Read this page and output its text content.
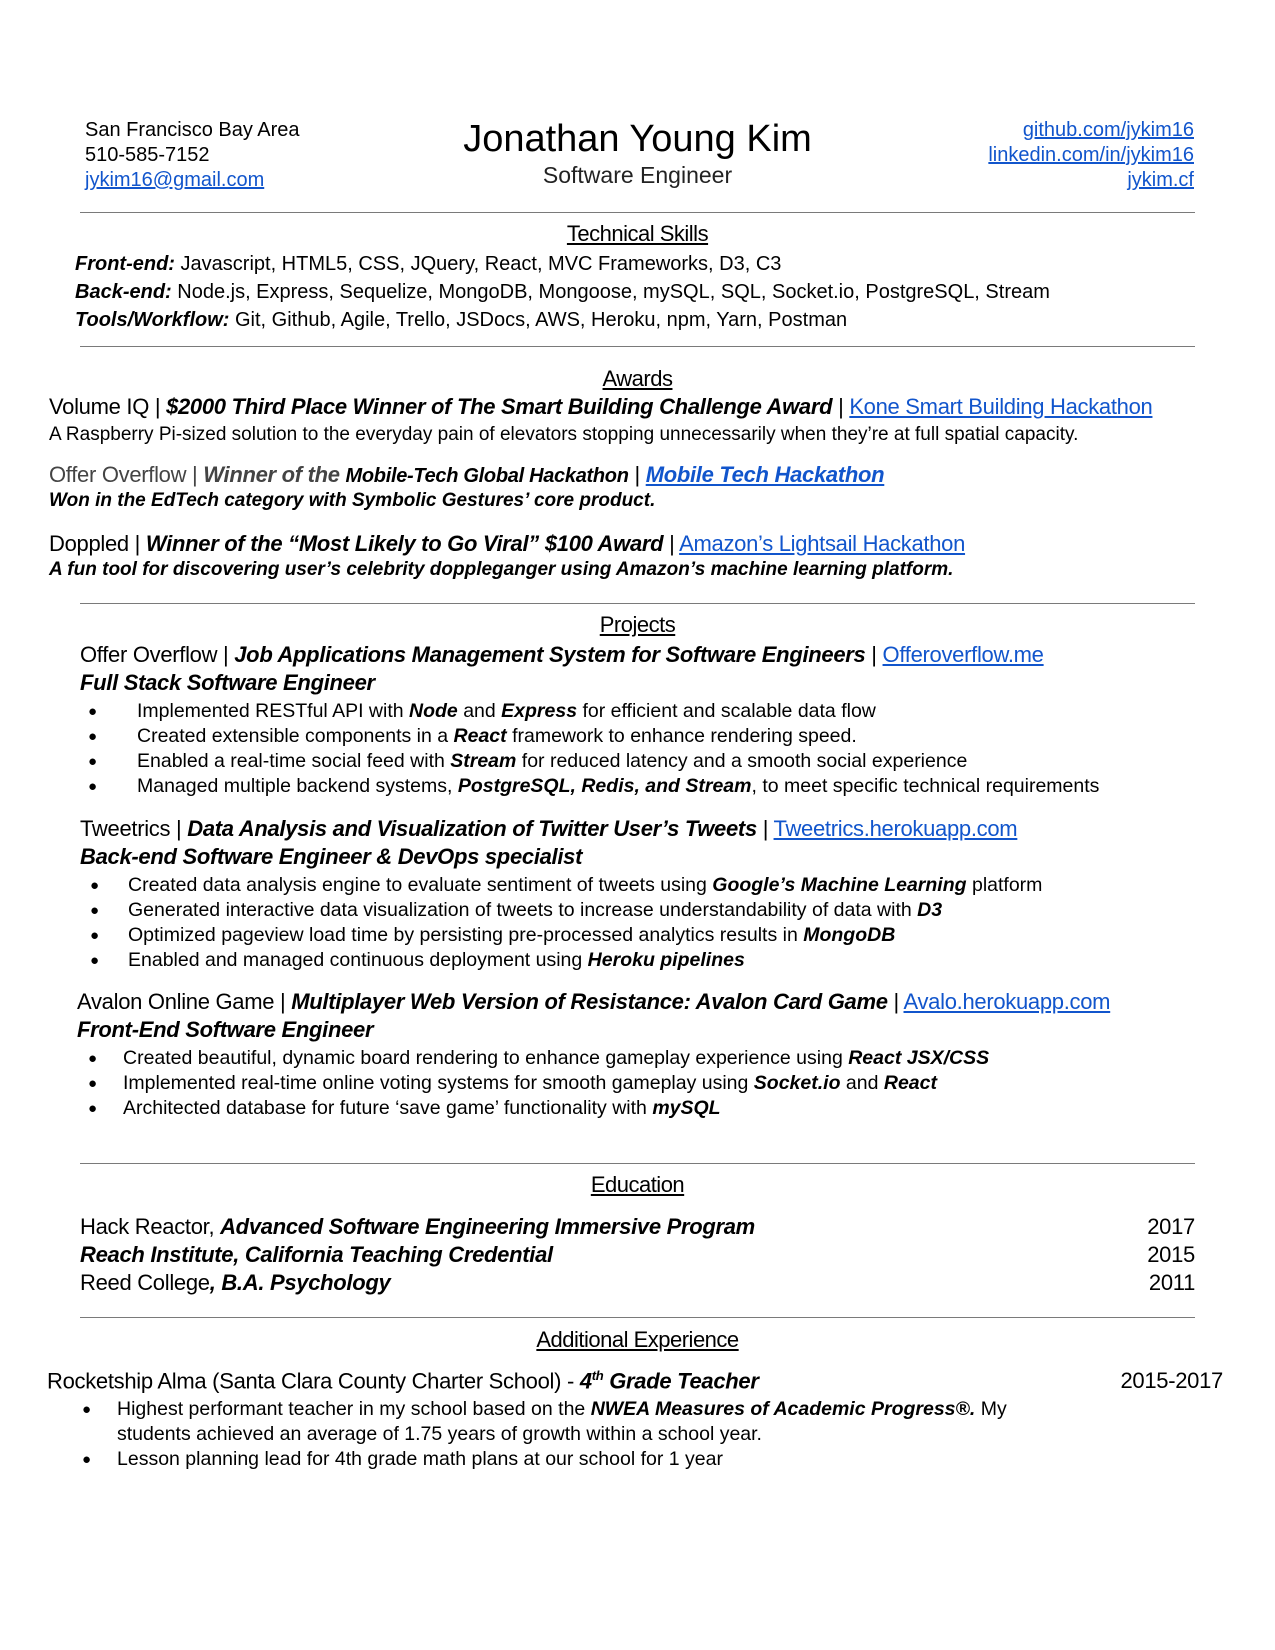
San Francisco Bay Area
510-585-7152
jykim16@gmail.com
Jonathan Young Kim
Software Engineer
github.com/jykim16
linkedin.com/in/jykim16
jykim.cf
Technical Skills
Front-end: Javascript, HTML5, CSS, JQuery, React, MVC Frameworks, D3, C3
Back-end: Node.js, Express, Sequelize, MongoDB, Mongoose, mySQL, SQL, Socket.io, PostgreSQL, Stream
Tools/Workflow: Git, Github, Agile, Trello, JSDocs, AWS, Heroku, npm, Yarn, Postman
Awards
Volume IQ | $2000 Third Place Winner of The Smart Building Challenge Award | Kone Smart Building Hackathon
A Raspberry Pi-sized solution to the everyday pain of elevators stopping unnecessarily when they’re at full spatial capacity.
Offer Overflow | Winner of the Mobile-Tech Global Hackathon | Mobile Tech Hackathon
Won in the EdTech category with Symbolic Gestures’ core product.
Doppled | Winner of the “Most Likely to Go Viral” $100 Award | Amazon’s Lightsail Hackathon
A fun tool for discovering user’s celebrity doppleganger using Amazon’s machine learning platform.
Projects
Offer Overflow | Job Applications Management System for Software Engineers | Offeroverflow.me
Full Stack Software Engineer
● Implemented RESTful API with Node and Express for efficient and scalable data flow
● Created extensible components in a React framework to enhance rendering speed.
● Enabled a real-time social feed with Stream for reduced latency and a smooth social experience
● Managed multiple backend systems, PostgreSQL, Redis, and Stream, to meet specific technical requirements
Tweetrics | Data Analysis and Visualization of Twitter User’s Tweets | Tweetrics.herokuapp.com
Back-end Software Engineer & DevOps specialist
● Created data analysis engine to evaluate sentiment of tweets using Google’s Machine Learning platform
● Generated interactive data visualization of tweets to increase understandability of data with D3
● Optimized pageview load time by persisting pre-processed analytics results in MongoDB
● Enabled and managed continuous deployment using Heroku pipelines
Avalon Online Game | Multiplayer Web Version of Resistance: Avalon Card Game | Avalo.herokuapp.com
Front-End Software Engineer
● Created beautiful, dynamic board rendering to enhance gameplay experience using React JSX/CSS
● Implemented real-time online voting systems for smooth gameplay using Socket.io and React
● Architected database for future ‘save game’ functionality with mySQL
Education
Hack Reactor, Advanced Software Engineering Immersive Program	2017
Reach Institute, California Teaching Credential	2015
Reed College, B.A. Psychology	2011
Additional Experience
Rocketship Alma (Santa Clara County Charter School) - 4th Grade Teacher	2015-2017
● Highest performant teacher in my school based on the NWEA Measures of Academic Progress®. My
students achieved an average of 1.75 years of growth within a school year.
● Lesson planning lead for 4th grade math plans at our school for 1 year
